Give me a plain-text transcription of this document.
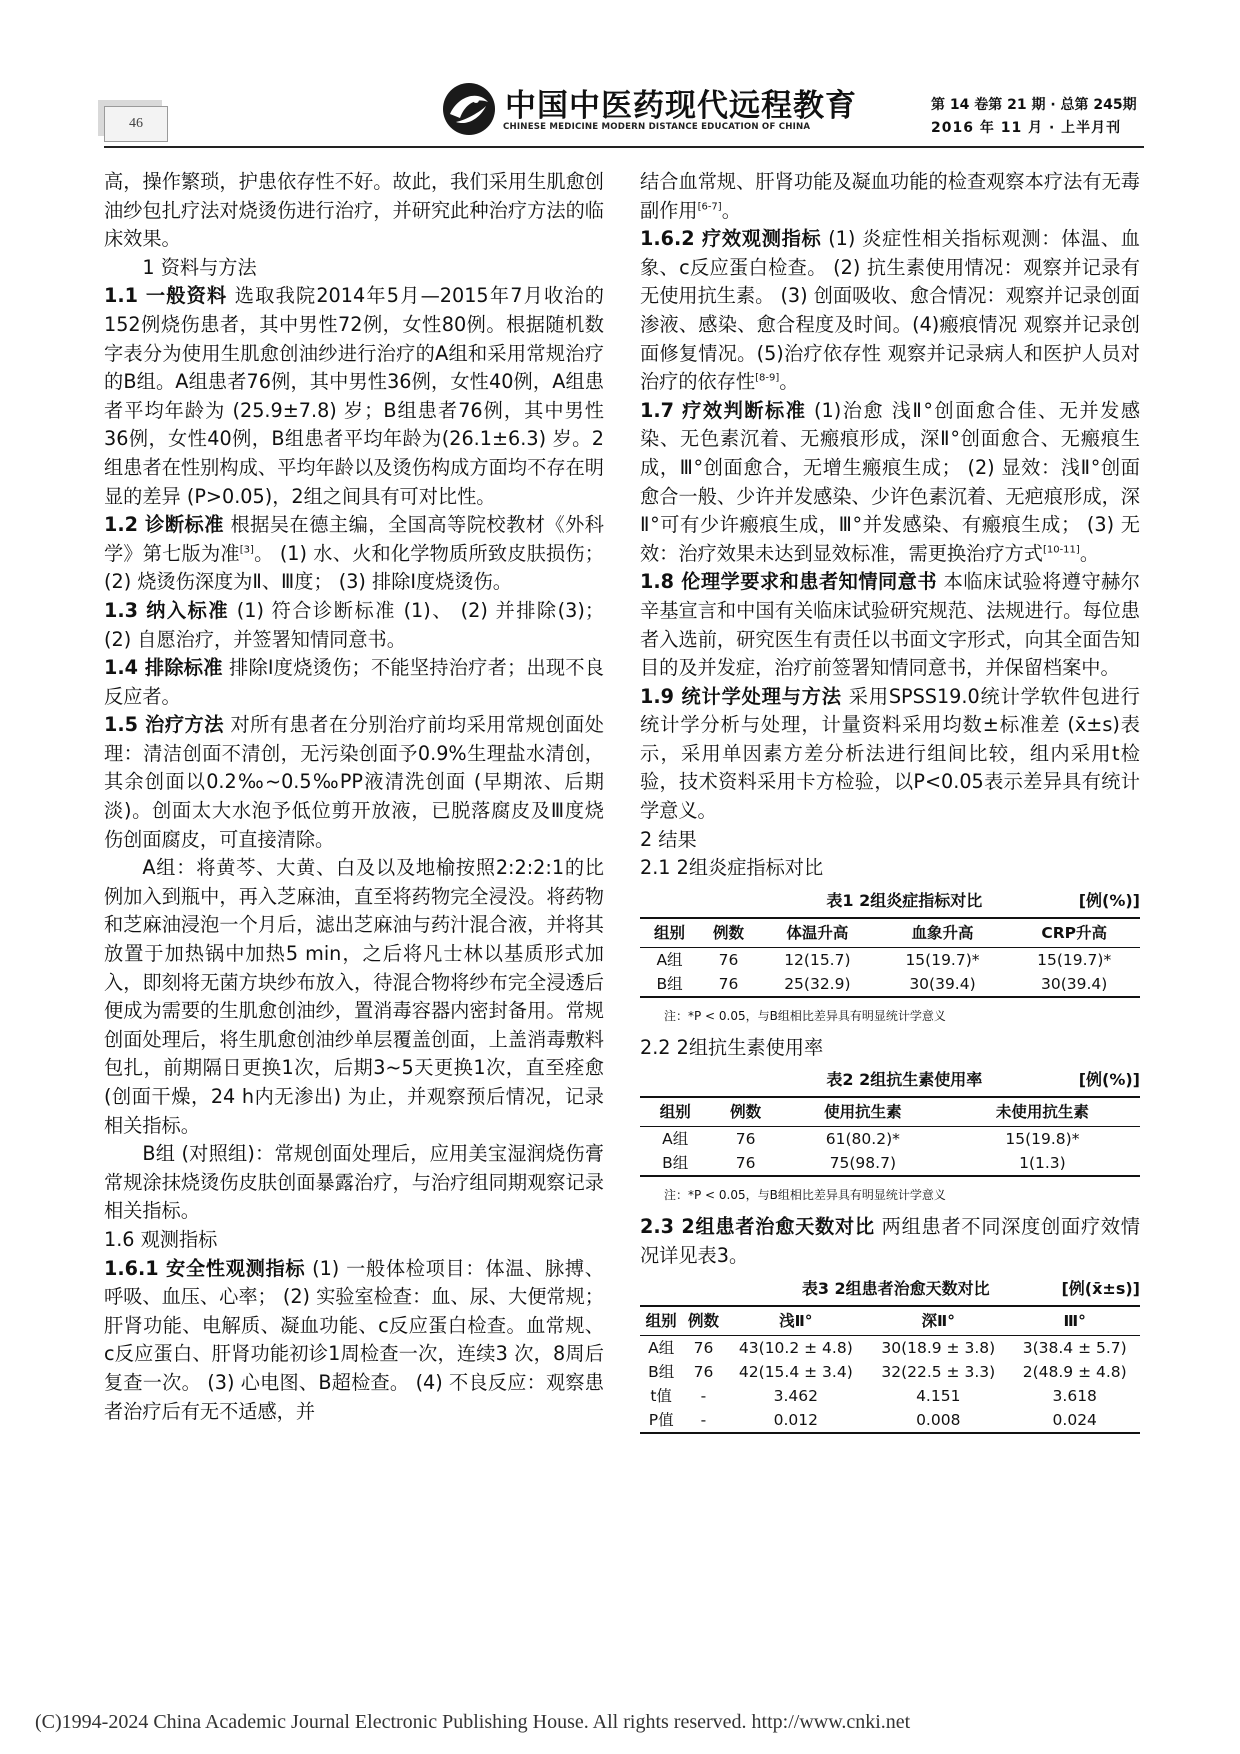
46	中国中医药现代远程教育
CHINESE MEDICINE MODERN DISTANCE EDUCATION OF CHINA
第 14 卷第 21 期 · 总第 245期
2016 年 11 月 · 上半月刊

高，操作繁琐，护患依存性不好。故此，我们采用生肌愈创油纱包扎疗法对烧烫伤进行治疗，并研究此种治疗方法的临床效果。

1 资料与方法

1.1 一般资料 选取我院2014年5月—2015年7月收治的152例烧伤患者，其中男性72例，女性80例。根据随机数字表分为使用生肌愈创油纱进行治疗的A组和采用常规治疗的B组。A组患者76例，其中男性36例，女性40例，A组患者平均年龄为 (25.9±7.8) 岁；B组患者76例，其中男性36例，女性40例，B组患者平均年龄为(26.1±6.3) 岁。2组患者在性别构成、平均年龄以及烫伤构成方面均不存在明显的差异 (P>0.05)，2组之间具有可对比性。

1.2 诊断标准 根据吴在德主编，全国高等院校教材《外科学》第七版为准[3]。 (1) 水、火和化学物质所致皮肤损伤； (2) 烧烫伤深度为Ⅱ、Ⅲ度； (3) 排除Ⅰ度烧烫伤。

1.3 纳入标准 (1) 符合诊断标准 (1)、 (2) 并排除(3)； (2) 自愿治疗，并签署知情同意书。

1.4 排除标准 排除Ⅰ度烧烫伤；不能坚持治疗者；出现不良反应者。

1.5 治疗方法 对所有患者在分别治疗前均采用常规创面处理：清洁创面不清创，无污染创面予0.9%生理盐水清创，其余创面以0.2‰~0.5‰PP液清洗创面 (早期浓、后期淡)。创面太大水泡予低位剪开放液，已脱落腐皮及Ⅲ度烧伤创面腐皮，可直接清除。

A组：将黄芩、大黄、白及以及地榆按照2:2:2:1的比例加入到瓶中，再入芝麻油，直至将药物完全浸没。将药物和芝麻油浸泡一个月后，滤出芝麻油与药汁混合液，并将其放置于加热锅中加热5 min，之后将凡士林以基质形式加入，即刻将无菌方块纱布放入，待混合物将纱布完全浸透后便成为需要的生肌愈创油纱，置消毒容器内密封备用。常规创面处理后，将生肌愈创油纱单层覆盖创面，上盖消毒敷料包扎，前期隔日更换1次，后期3~5天更换1次，直至痊愈 (创面干燥，24 h内无渗出) 为止，并观察预后情况，记录相关指标。

B组 (对照组)：常规创面处理后，应用美宝湿润烧伤膏常规涂抹烧烫伤皮肤创面暴露治疗，与治疗组同期观察记录相关指标。

1.6 观测指标

1.6.1 安全性观测指标 (1) 一般体检项目：体温、脉搏、呼吸、血压、心率； (2) 实验室检查：血、尿、大便常规；肝肾功能、电解质、凝血功能、c反应蛋白检查。血常规、c反应蛋白、肝肾功能初诊1周检查一次，连续3 次，8周后复查一次。 (3) 心电图、B超检查。 (4) 不良反应：观察患者治疗后有无不适感，并

结合血常规、肝肾功能及凝血功能的检查观察本疗法有无毒副作用[6-7]。

1.6.2 疗效观测指标 (1) 炎症性相关指标观测：体温、血象、c反应蛋白检查。 (2) 抗生素使用情况：观察并记录有无使用抗生素。 (3) 创面吸收、愈合情况：观察并记录创面渗液、感染、愈合程度及时间。(4)瘢痕情况 观察并记录创面修复情况。(5)治疗依存性 观察并记录病人和医护人员对治疗的依存性[8-9]。

1.7 疗效判断标准 (1)治愈 浅Ⅱ°创面愈合佳、无并发感染、无色素沉着、无瘢痕形成，深Ⅱ°创面愈合、无瘢痕生成，Ⅲ°创面愈合，无增生瘢痕生成； (2) 显效：浅Ⅱ°创面愈合一般、少许并发感染、少许色素沉着、无疤痕形成，深Ⅱ°可有少许瘢痕生成，Ⅲ°并发感染、有瘢痕生成； (3) 无效：治疗效果未达到显效标准，需更换治疗方式[10-11]。

1.8 伦理学要求和患者知情同意书 本临床试验将遵守赫尔辛基宣言和中国有关临床试验研究规范、法规进行。每位患者入选前，研究医生有责任以书面文字形式，向其全面告知目的及并发症，治疗前签署知情同意书，并保留档案中。

1.9 统计学处理与方法 采用SPSS19.0统计学软件包进行统计学分析与处理，计量资料采用均数±标准差 (x̄±s)表示，采用单因素方差分析法进行组间比较，组内采用t检验，技术资料采用卡方检验，以P<0.05表示差异具有统计学意义。

2 结果

2.1 2组炎症指标对比

表1 2组炎症指标对比	[例(%)]
组别	例数	体温升高	血象升高	CRP升高
A组	76	12(15.7)	15(19.7)*	15(19.7)*
B组	76	25(32.9)	30(39.4)	30(39.4)
注：*P < 0.05，与B组相比差异具有明显统计学意义

2.2 2组抗生素使用率

表2 2组抗生素使用率	[例(%)]
组别	例数	使用抗生素	未使用抗生素
A组	76	61(80.2)*	15(19.8)*
B组	76	75(98.7)	1(1.3)
注：*P < 0.05，与B组相比差异具有明显统计学意义

2.3 2组患者治愈天数对比 两组患者不同深度创面疗效情况详见表3。

表3 2组患者治愈天数对比	[例(x̄±s)]
组别	例数	浅Ⅱ°	深Ⅱ°	Ⅲ°
A组	76	43(10.2 ± 4.8)	30(18.9 ± 3.8)	3(38.4 ± 5.7)
B组	76	42(15.4 ± 3.4)	32(22.5 ± 3.3)	2(48.9 ± 4.8)
t值	-	3.462	4.151	3.618
P值	-	0.012	0.008	0.024
(C)1994-2024 China Academic Journal Electronic Publishing House. All rights reserved. http://www.cnki.net
